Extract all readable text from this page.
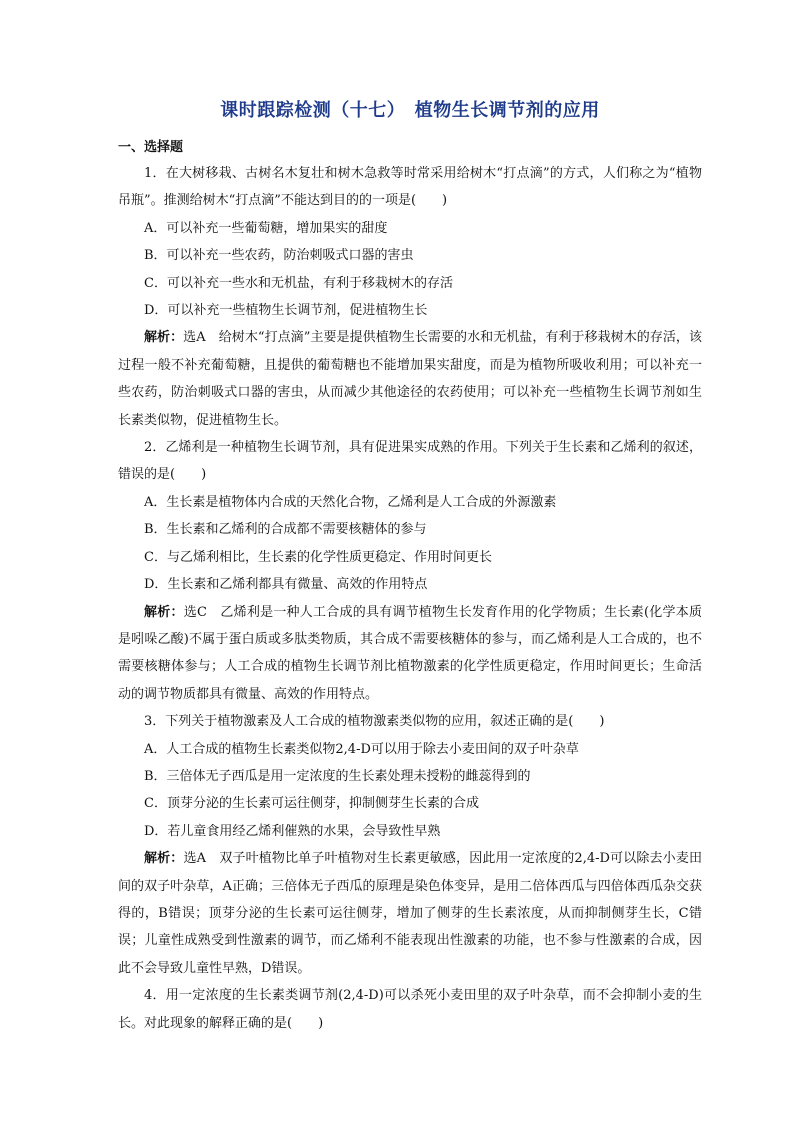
课时跟踪检测（十七）　植物生长调节剂的应用
一、选择题

1．在大树移栽、古树名木复壮和树木急救等时常采用给树木“打点滴”的方式，人们称之为“植物吊瓶”。推测给树木“打点滴”不能达到目的的一项是(　　)

A．可以补充一些葡萄糖，增加果实的甜度

B．可以补充一些农药，防治刺吸式口器的害虫

C．可以补充一些水和无机盐，有利于移栽树木的存活

D．可以补充一些植物生长调节剂，促进植物生长

解析：选A　给树木“打点滴”主要是提供植物生长需要的水和无机盐，有利于移栽树木的存活，该过程一般不补充葡萄糖，且提供的葡萄糖也不能增加果实甜度，而是为植物所吸收利用；可以补充一些农药，防治刺吸式口器的害虫，从而减少其他途径的农药使用；可以补充一些植物生长调节剂如生长素类似物，促进植物生长。

2．乙烯利是一种植物生长调节剂，具有促进果实成熟的作用。下列关于生长素和乙烯利的叙述，错误的是(　　)

A．生长素是植物体内合成的天然化合物，乙烯利是人工合成的外源激素

B．生长素和乙烯利的合成都不需要核糖体的参与

C．与乙烯利相比，生长素的化学性质更稳定、作用时间更长

D．生长素和乙烯利都具有微量、高效的作用特点

解析：选C　乙烯利是一种人工合成的具有调节植物生长发育作用的化学物质；生长素(化学本质是吲哚乙酸)不属于蛋白质或多肽类物质，其合成不需要核糖体的参与，而乙烯利是人工合成的，也不需要核糖体参与；人工合成的植物生长调节剂比植物激素的化学性质更稳定，作用时间更长；生命活动的调节物质都具有微量、高效的作用特点。

3．下列关于植物激素及人工合成的植物激素类似物的应用，叙述正确的是(　　)

A．人工合成的植物生长素类似物2,4-D可以用于除去小麦田间的双子叶杂草

B．三倍体无子西瓜是用一定浓度的生长素处理未授粉的雌蕊得到的

C．顶芽分泌的生长素可运往侧芽，抑制侧芽生长素的合成

D．若儿童食用经乙烯利催熟的水果，会导致性早熟

解析：选A　双子叶植物比单子叶植物对生长素更敏感，因此用一定浓度的2,4-D可以除去小麦田间的双子叶杂草，A正确；三倍体无子西瓜的原理是染色体变异，是用二倍体西瓜与四倍体西瓜杂交获得的，B错误；顶芽分泌的生长素可运往侧芽，增加了侧芽的生长素浓度，从而抑制侧芽生长，C错误；儿童性成熟受到性激素的调节，而乙烯利不能表现出性激素的功能，也不参与性激素的合成，因此不会导致儿童性早熟，D错误。

4．用一定浓度的生长素类调节剂(2,4-D)可以杀死小麦田里的双子叶杂草，而不会抑制小麦的生长。对此现象的解释正确的是(　　)
